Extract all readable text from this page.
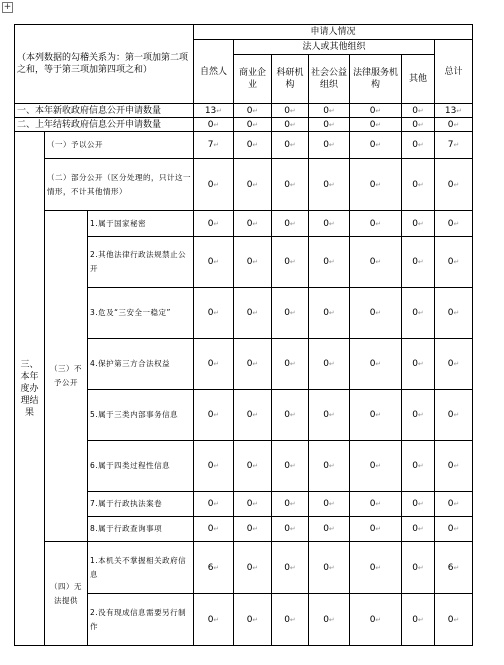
+
（本列数据的勾稽关系为：第一项加第二项之和，等于第三项加第四项之和）			申请人情况						
			自然人	法人或其他组织					总计
				商业企业	科研机构	社会公益组织	法律服务机构	其他	
一、本年新收政府信息公开申请数量			13 ↵	0 ↵	0 ↵	0 ↵	0 ↵	0 ↵	13 ↵
二、上年结转政府信息公开申请数量			0 ↵	0 ↵	0 ↵	0 ↵	0 ↵	0 ↵	0 ↵
三、本年度办理结果	（一）予以公开		7 ↵	0 ↵	0 ↵	0 ↵	0 ↵	0 ↵	7 ↵
	（二）部分公开（区分处理的，只计这一情形，不计其他情形）		0 ↵	0 ↵	0 ↵	0 ↵	0 ↵	0 ↵	0 ↵
	（三）不予公开	1.属于国家秘密	0 ↵	0 ↵	0 ↵	0 ↵	0 ↵	0 ↵	0 ↵
		2.其他法律行政法规禁止公开	0 ↵	0 ↵	0 ↵	0 ↵	0 ↵	0 ↵	0 ↵
		3.危及“三安全一稳定”	0 ↵	0 ↵	0 ↵	0 ↵	0 ↵	0 ↵	0 ↵
		4.保护第三方合法权益	0 ↵	0 ↵	0 ↵	0 ↵	0 ↵	0 ↵	0 ↵
		5.属于三类内部事务信息	0 ↵	0 ↵	0 ↵	0 ↵	0 ↵	0 ↵	0 ↵
		6.属于四类过程性信息	0 ↵	0 ↵	0 ↵	0 ↵	0 ↵	0 ↵	0 ↵
		7.属于行政执法案卷	0 ↵	0 ↵	0 ↵	0 ↵	0 ↵	0 ↵	0 ↵
		8.属于行政查询事项	0 ↵	0 ↵	0 ↵	0 ↵	0 ↵	0 ↵	0 ↵
	（四）无法提供	1.本机关不掌握相关政府信息	6 ↵	0 ↵	0 ↵	0 ↵	0 ↵	0 ↵	6 ↵
		2.没有现成信息需要另行制作	0 ↵	0 ↵	0 ↵	0 ↵	0 ↵	0 ↵	0 ↵
